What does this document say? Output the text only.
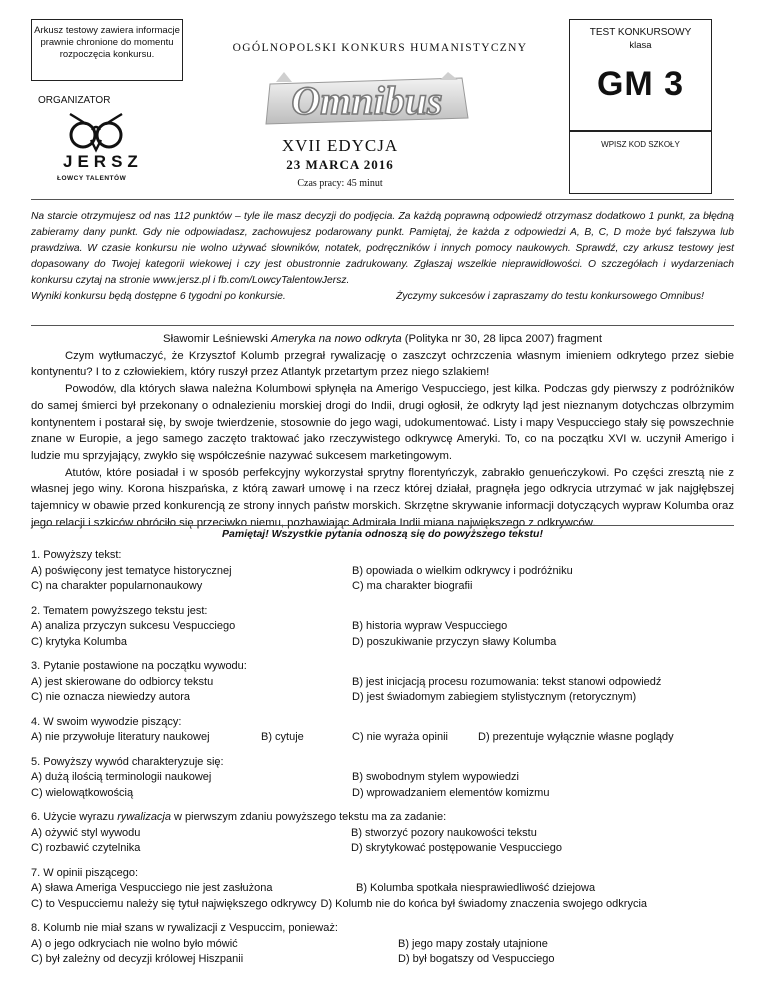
Arkusz testowy zawiera informacje prawnie chronione do momentu rozpoczęcia konkursu.
OGÓLNOPOLSKI KONKURS HUMANISTYCZNY
Omnibus
ORGANIZATOR
JERSZ
ŁOWCY TALENTÓW
XVII EDYCJA
23 MARCA 2016
Czas pracy: 45 minut
TEST KONKURSOWY
klasa
GM 3
WPISZ KOD SZKOŁY
Na starcie otrzymujesz od nas 112 punktów – tyle ile masz decyzji do podjęcia. Za każdą poprawną odpowiedź otrzymasz dodatkowo 1 punkt, za błędną zabieramy dany punkt. Gdy nie odpowiadasz, zachowujesz podarowany punkt. Pamiętaj, że każda z odpowiedzi A, B, C, D może być fałszywa lub prawdziwa. W czasie konkursu nie wolno używać słowników, notatek, podręczników i innych pomocy naukowych. Sprawdź, czy arkusz testowy jest dopasowany do Twojej kategorii wiekowej i czy jest obustronnie zadrukowany. Zgłaszaj wszelkie nieprawidłowości. O szczegółach i wydarzeniach konkursu czytaj na stronie www.jersz.pl i fb.com/LowcyTalentowJersz.
Wyniki konkursu będą dostępne 6 tygodni po konkursie.	Życzymy sukcesów i zapraszamy do testu konkursowego Omnibus!

Sławomir Leśniewski Ameryka na nowo odkryta (Polityka nr 30, 28 lipca 2007) fragment

Czym wytłumaczyć, że Krzysztof Kolumb przegrał rywalizację o zaszczyt ochrzczenia własnym imieniem odkrytego przez siebie kontynentu? I to z człowiekiem, który ruszył przez Atlantyk przetartym przez niego szlakiem!

Powodów, dla których sława należna Kolumbowi spłynęła na Amerigo Vespucciego, jest kilka. Podczas gdy pierwszy z podróżników do samej śmierci był przekonany o odnalezieniu morskiej drogi do Indii, drugi ogłosił, że odkryty ląd jest nieznanym dotychczas olbrzymim kontynentem i postarał się, by swoje twierdzenie, stosownie do jego wagi, udokumentować. Listy i mapy Vespucciego stały się powszechnie znane w Europie, a jego samego zaczęto traktować jako rzeczywistego odkrywcę Ameryki. To, co na początku XVI w. uczynił Amerigo i ludzie mu sprzyjający, zwykło się współcześnie nazywać sukcesem marketingowym.

Atutów, które posiadał i w sposób perfekcyjny wykorzystał sprytny florentyńczyk, zabrakło genueńczykowi. Po części zresztą nie z własnej jego winy. Korona hiszpańska, z którą zawarł umowę i na rzecz której działał, pragnęła jego odkrycia utrzymać w jak najgłębszej tajemnicy w obawie przed konkurencją ze strony innych państw morskich. Skrzętne skrywanie informacji dotyczących wypraw Kolumba oraz jego relacji i szkiców obróciło się przeciwko niemu, pozbawiając Admirała Indii miana największego z odkrywców.

Pamiętaj! Wszystkie pytania odnoszą się do powyższego tekstu!
1. Powyższy tekst:
A) poświęcony jest tematyce historycznej	B) opowiada o wielkim odkrywcy i podróżniku
C) na charakter popularnonaukowy	C) ma charakter biografii
2. Tematem powyższego tekstu jest:
A) analiza przyczyn sukcesu Vespucciego	B) historia wypraw Vespucciego
C) krytyka Kolumba	D) poszukiwanie przyczyn sławy Kolumba
3. Pytanie postawione na początku wywodu:
A) jest skierowane do odbiorcy tekstu	B) jest inicjacją procesu rozumowania: tekst stanowi odpowiedź
C) nie oznacza niewiedzy autora	D) jest świadomym zabiegiem stylistycznym (retorycznym)
4. W swoim wywodzie piszący:
A) nie przywołuje literatury naukowej	B) cytuje	C) nie wyraża opinii	D) prezentuje wyłącznie własne poglądy
5. Powyższy wywód charakteryzuje się:
A) dużą ilością terminologii naukowej	B) swobodnym stylem wypowiedzi
C) wielowątkowością	D) wprowadzaniem elementów komizmu
6. Użycie wyrazu rywalizacja w pierwszym zdaniu powyższego tekstu ma za zadanie:
A) ożywić styl wywodu	B) stworzyć pozory naukowości tekstu
C) rozbawić czytelnika	D) skrytykować postępowanie Vespucciego
7. W opinii piszącego:
A) sława Ameriga Vespucciego nie jest zasłużona	B) Kolumba spotkała niesprawiedliwość dziejowa
C) to Vespucciemu należy się tytuł największego odkrywcy D) Kolumb nie do końca był świadomy znaczenia swojego odkrycia
8. Kolumb nie miał szans w rywalizacji z Vespuccim, ponieważ:
A) o jego odkryciach nie wolno było mówić	B) jego mapy zostały utajnione
C) był zależny od decyzji królowej Hiszpanii	D) był bogatszy od Vespucciego
